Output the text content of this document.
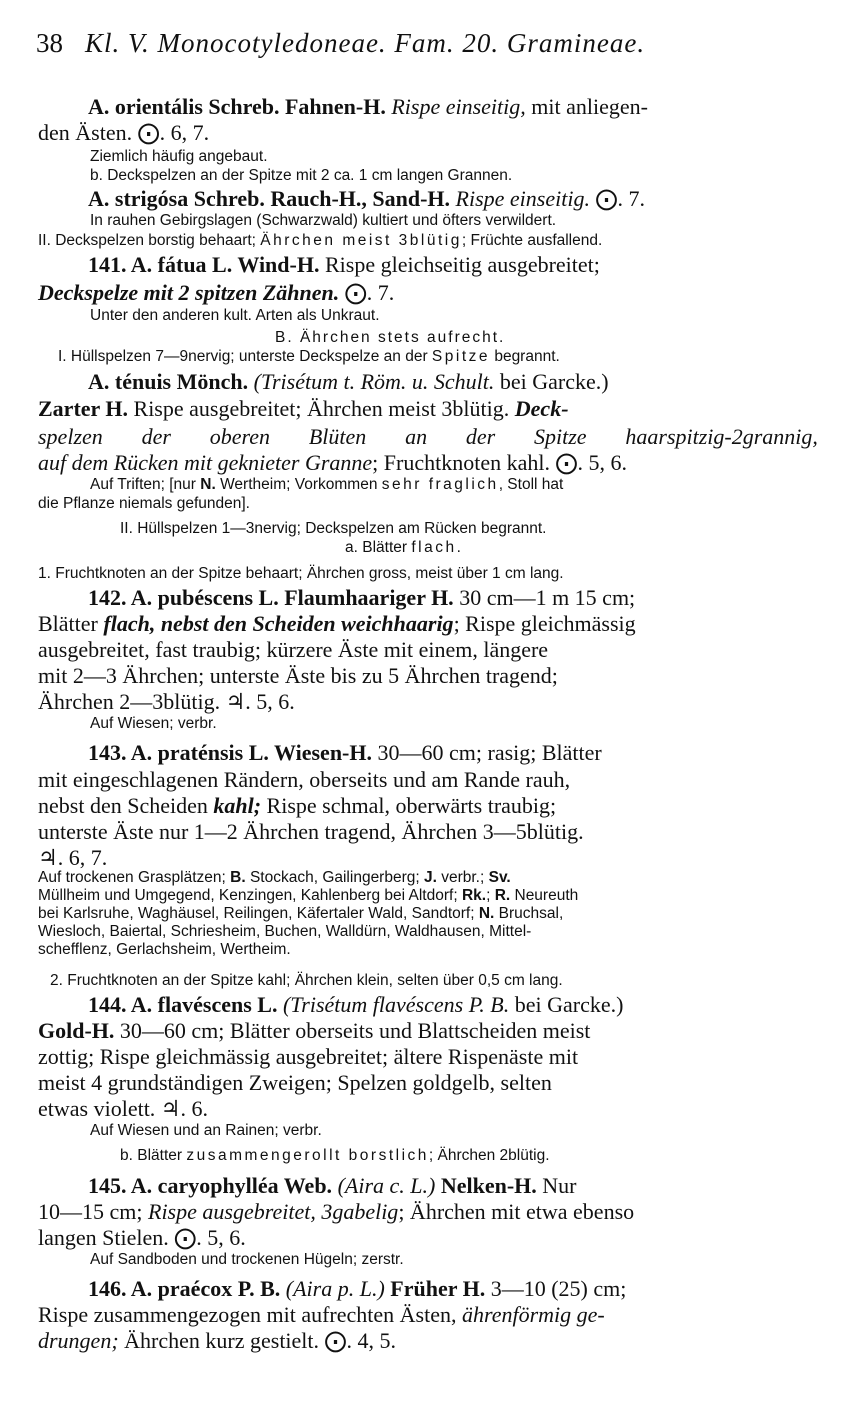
38 Kl. V. Monocotyledoneae. Fam. 20. Gramineae.
A. orientális Schreb. Fahnen-H. Rispe einseitig, mit anliegen-
den Ästen. ⨀. 6, 7.
Ziemlich häufig angebaut.
b. Deckspelzen an der Spitze mit 2 ca. 1 cm langen Grannen.
A. strigósa Schreb. Rauch-H., Sand-H. Rispe einseitig. ⨀. 7.
In rauhen Gebirgslagen (Schwarzwald) kultiert und öfters verwildert.
II. Deckspelzen borstig behaart; Ährchen meist 3blütig; Früchte ausfallend.
141. A. fátua L. Wind-H. Rispe gleichseitig ausgebreitet;
Deckspelze mit 2 spitzen Zähnen. ⨀. 7.
Unter den anderen kult. Arten als Unkraut.
B. Ährchen stets aufrecht.
I. Hüllspelzen 7—9nervig; unterste Deckspelze an der Spitze begrannt.
A. ténuis Mönch. (Trisétum t. Röm. u. Schult. bei Garcke.)
Zarter H. Rispe ausgebreitet; Ährchen meist 3blütig. Deck-
spelzen der oberen Blüten an der Spitze haarspitzig-2grannig,
auf dem Rücken mit geknieter Granne; Fruchtknoten kahl. ⨀. 5, 6.
Auf Triften; [nur N. Wertheim; Vorkommen sehr fraglich, Stoll hat
die Pflanze niemals gefunden].
II. Hüllspelzen 1—3nervig; Deckspelzen am Rücken begrannt.
a. Blätter flach.
1. Fruchtknoten an der Spitze behaart; Ährchen gross, meist über 1 cm lang.
142. A. pubéscens L. Flaumhaariger H. 30 cm—1 m 15 cm;
Blätter flach, nebst den Scheiden weichhaarig; Rispe gleichmässig
ausgebreitet, fast traubig; kürzere Äste mit einem, längere
mit 2—3 Ährchen; unterste Äste bis zu 5 Ährchen tragend;
Ährchen 2—3blütig. ♃. 5, 6.
Auf Wiesen; verbr.
143. A. praténsis L. Wiesen-H. 30—60 cm; rasig; Blätter
mit eingeschlagenen Rändern, oberseits und am Rande rauh,
nebst den Scheiden kahl; Rispe schmal, oberwärts traubig;
unterste Äste nur 1—2 Ährchen tragend, Ährchen 3—5blütig.
♃. 6, 7.
Auf trockenen Grasplätzen; B. Stockach, Gailingerberg; J. verbr.; Sv.
Müllheim und Umgegend, Kenzingen, Kahlenberg bei Altdorf; Rk.; R. Neureuth
bei Karlsruhe, Waghäusel, Reilingen, Käfertaler Wald, Sandtorf; N. Bruchsal,
Wiesloch, Baiertal, Schriesheim, Buchen, Walldürn, Waldhausen, Mittel-
schefflenz, Gerlachsheim, Wertheim.
2. Fruchtknoten an der Spitze kahl; Ährchen klein, selten über 0,5 cm lang.
144. A. flavéscens L. (Trisétum flavéscens P. B. bei Garcke.)
Gold-H. 30—60 cm; Blätter oberseits und Blattscheiden meist
zottig; Rispe gleichmässig ausgebreitet; ältere Rispenäste mit
meist 4 grundständigen Zweigen; Spelzen goldgelb, selten
etwas violett. ♃. 6.
Auf Wiesen und an Rainen; verbr.
b. Blätter zusammengerollt borstlich; Ährchen 2blütig.
145. A. caryophylléa Web. (Aira c. L.) Nelken-H. Nur
10—15 cm; Rispe ausgebreitet, 3gabelig; Ährchen mit etwa ebenso
langen Stielen. ⨀. 5, 6.
Auf Sandboden und trockenen Hügeln; zerstr.
146. A. praécox P. B. (Aira p. L.) Früher H. 3—10 (25) cm;
Rispe zusammengezogen mit aufrechten Ästen, ährenförmig ge-
drungen; Ährchen kurz gestielt. ⨀. 4, 5.
